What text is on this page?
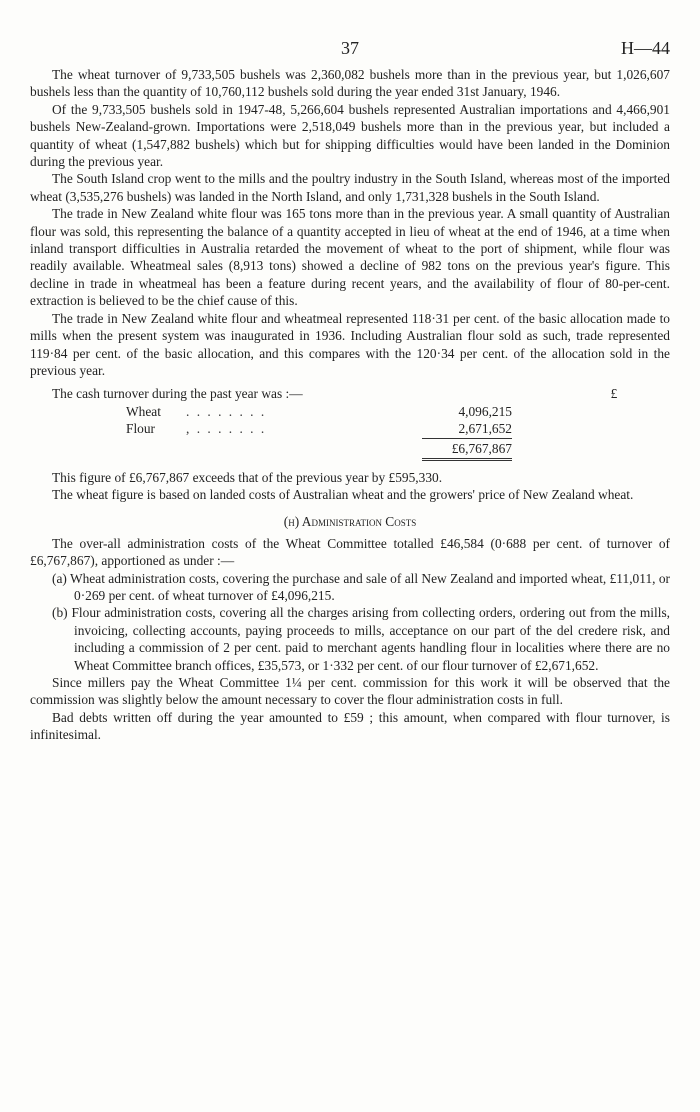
37	H—44

The wheat turnover of 9,733,505 bushels was 2,360,082 bushels more than in the previous year, but 1,026,607 bushels less than the quantity of 10,760,112 bushels sold during the year ended 31st January, 1946.

Of the 9,733,505 bushels sold in 1947-48, 5,266,604 bushels represented Australian importations and 4,466,901 bushels New-Zealand-grown. Importations were 2,518,049 bushels more than in the previous year, but included a quantity of wheat (1,547,882 bushels) which but for shipping difficulties would have been landed in the Dominion during the previous year.

The South Island crop went to the mills and the poultry industry in the South Island, whereas most of the imported wheat (3,535,276 bushels) was landed in the North Island, and only 1,731,328 bushels in the South Island.

The trade in New Zealand white flour was 165 tons more than in the previous year. A small quantity of Australian flour was sold, this representing the balance of a quantity accepted in lieu of wheat at the end of 1946, at a time when inland transport difficulties in Australia retarded the movement of wheat to the port of shipment, while flour was readily available. Wheatmeal sales (8,913 tons) showed a decline of 982 tons on the previous year's figure. This decline in trade in wheatmeal has been a feature during recent years, and the availability of flour of 80-per-cent. extraction is believed to be the chief cause of this.

The trade in New Zealand white flour and wheatmeal represented 118·31 per cent. of the basic allocation made to mills when the present system was inaugurated in 1936. Including Australian flour sold as such, trade represented 119·84 per cent. of the basic allocation, and this compares with the 120·34 per cent. of the allocation sold in the previous year.

The cash turnover during the past year was :—	£
Wheat	. . . . . . . .	4,096,215
Flour	, . . . . . . .	2,671,652
£6,767,867

This figure of £6,767,867 exceeds that of the previous year by £595,330.

The wheat figure is based on landed costs of Australian wheat and the growers' price of New Zealand wheat.

(h) Administration Costs

The over-all administration costs of the Wheat Committee totalled £46,584 (0·688 per cent. of turnover of £6,767,867), apportioned as under :—

(a) Wheat administration costs, covering the purchase and sale of all New Zealand and imported wheat, £11,011, or 0·269 per cent. of wheat turnover of £4,096,215.

(b) Flour administration costs, covering all the charges arising from collecting orders, ordering out from the mills, invoicing, collecting accounts, paying proceeds to mills, acceptance on our part of the del credere risk, and including a commission of 2 per cent. paid to merchant agents handling flour in localities where there are no Wheat Committee branch offices, £35,573, or 1·332 per cent. of our flour turnover of £2,671,652.

Since millers pay the Wheat Committee 1¼ per cent. commission for this work it will be observed that the commission was slightly below the amount necessary to cover the flour administration costs in full.

Bad debts written off during the year amounted to £59 ; this amount, when compared with flour turnover, is infinitesimal.
